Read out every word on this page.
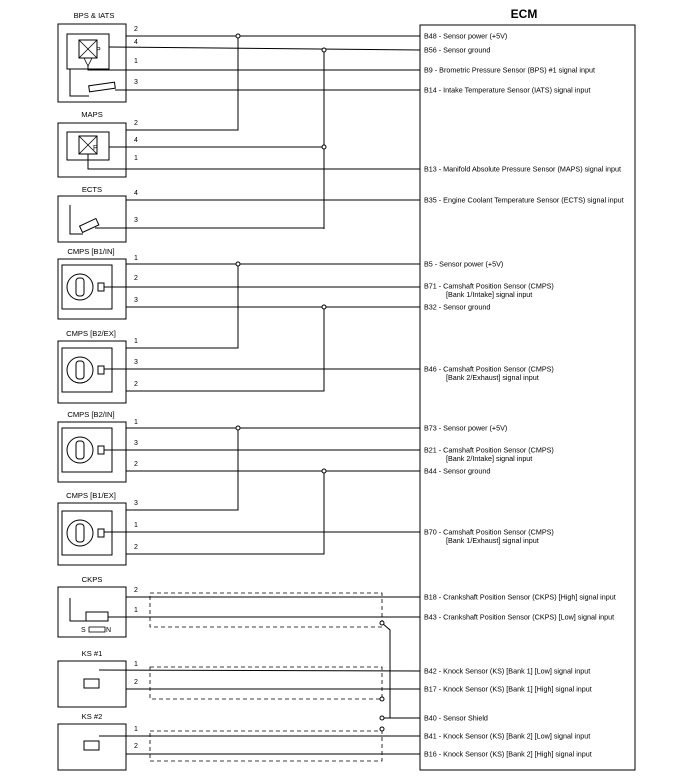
ECM
BPS & IATS
P
MAPS
P
ECTS
CMPS [B1/IN]
CMPS [B2/EX]
CMPS [B2/IN]
CMPS [B1/EX]
CKPS
S	N
KS #1
KS #2
2
4
1
3
2
4
1
4
3
1
2
3
1
3
2
1
3
2
3
1
2
2
1
1
2
1
2
B48 - Sensor power (+5V)
B56 - Sensor ground
B9 - Brometric Pressure Sensor (BPS) #1 signal input
B14 - Intake Temperature Sensor (IATS) signal input
B13 - Manifold Absolute Pressure Sensor (MAPS) signal input
B35 - Engine Coolant Temperature Sensor (ECTS) signal input
B5 - Sensor power (+5V)
B71 - Camshaft Position Sensor (CMPS)
[Bank 1/Intake] signal input
B32 - Sensor ground
B46 - Camshaft Position Sensor (CMPS)
[Bank 2/Exhaust] signal input
B73 - Sensor power (+5V)
B21 - Camshaft Position Sensor (CMPS)
[Bank 2/Intake] signal input
B44 - Sensor ground
B70 - Camshaft Position Sensor (CMPS)
[Bank 1/Exhaust] signal input
B18 - Crankshaft Position Sensor (CKPS) [High] signal input
B43 - Crankshaft Position Sensor (CKPS) [Low] signal input
B42 - Knock Sensor (KS) [Bank 1] [Low] signal input
B17 - Knock Sensor (KS) [Bank 1] [High] signal input
B40 - Sensor Shield
B41 - Knock Sensor (KS) [Bank 2] [Low] signal input
B16 - Knock Sensor (KS) [Bank 2] [High] signal input
